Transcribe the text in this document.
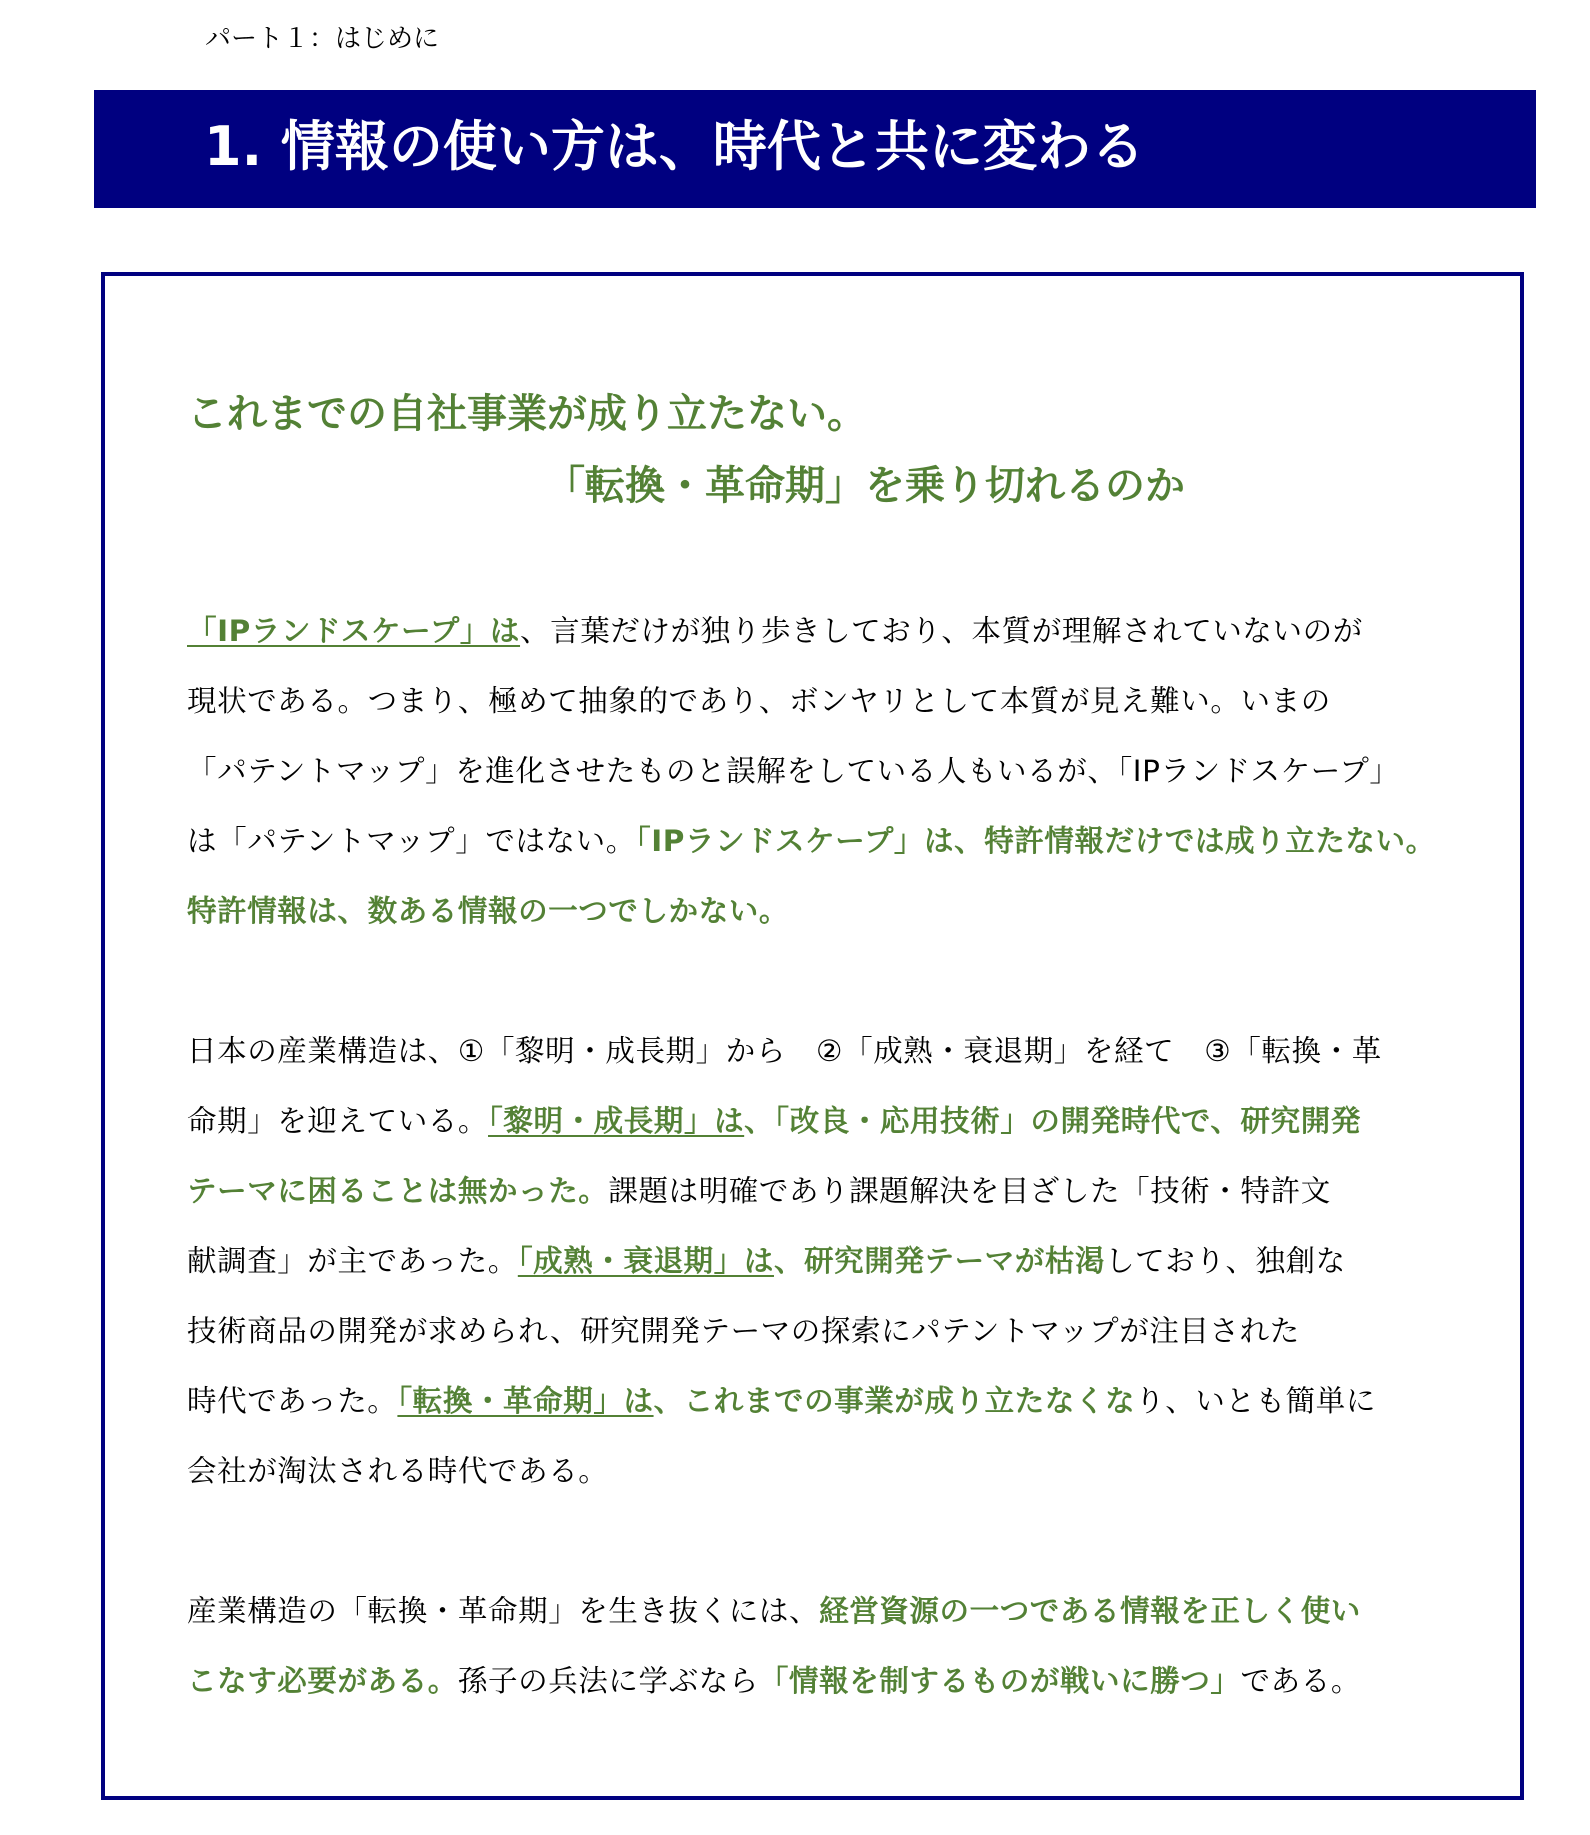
パート１：はじめに
1. 情報の使い方は、時代と共に変わる
これまでの自社事業が成り立たない。
「転換・革命期」を乗り切れるのか
「IPランドスケープ」は、言葉だけが独り歩きしており、本質が理解されていないのが
現状である。つまり、極めて抽象的であり、ボンヤリとして本質が見え難い。いまの
「パテントマップ」を進化させたものと誤解をしている人もいるが、「IPランドスケープ」
は「パテントマップ」ではない。「IPランドスケープ」は、特許情報だけでは成り立たない。
特許情報は、数ある情報の一つでしかない。
日本の産業構造は、①「黎明・成長期」から　②「成熟・衰退期」を経て　③「転換・革
命期」を迎えている。「黎明・成長期」は、「改良・応用技術」の開発時代で、研究開発
テーマに困ることは無かった。課題は明確であり課題解決を目ざした「技術・特許文
献調査」が主であった。「成熟・衰退期」は、研究開発テーマが枯渇しており、独創な
技術商品の開発が求められ、研究開発テーマの探索にパテントマップが注目された
時代であった。「転換・革命期」は、これまでの事業が成り立たなくなり、いとも簡単に
会社が淘汰される時代である。
産業構造の「転換・革命期」を生き抜くには、経営資源の一つである情報を正しく使い
こなす必要がある。孫子の兵法に学ぶなら「情報を制するものが戦いに勝つ」である。
